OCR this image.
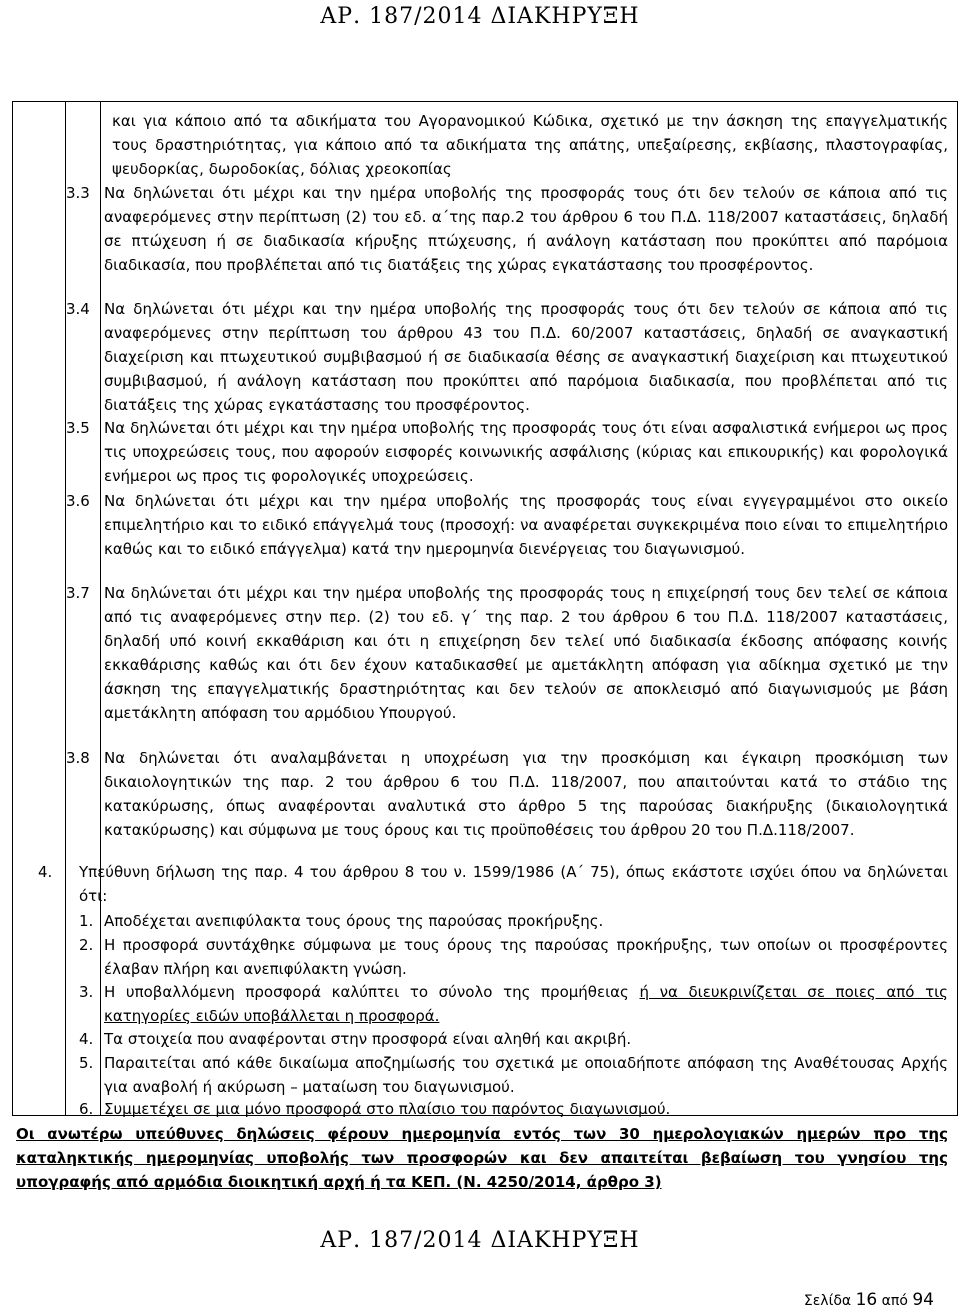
ΑΡ. 187/2014 ΔΙΑΚΗΡΥΞΗ
και για κάποιο από τα αδικήματα του Αγορανομικού Κώδικα, σχετικό με την άσκηση της επαγγελματικής τους δραστηριότητας, για κάποιο από τα αδικήματα της απάτης, υπεξαίρεσης, εκβίασης, πλαστογραφίας, ψευδορκίας, δωροδοκίας, δόλιας χρεοκοπίας
3.3 Να δηλώνεται ότι μέχρι και την ημέρα υποβολής της προσφοράς τους ότι δεν τελούν σε κάποια από τις αναφερόμενες στην περίπτωση (2) του εδ. α΄της παρ.2 του άρθρου 6 του Π.Δ. 118/2007 καταστάσεις, δηλαδή σε πτώχευση ή σε διαδικασία κήρυξης πτώχευσης, ή ανάλογη κατάσταση που προκύπτει από παρόμοια διαδικασία, που προβλέπεται από τις διατάξεις της χώρας εγκατάστασης του προσφέροντος.
3.4 Να δηλώνεται ότι μέχρι και την ημέρα υποβολής της προσφοράς τους ότι δεν τελούν σε κάποια από τις αναφερόμενες στην περίπτωση του άρθρου 43 του Π.Δ. 60/2007 καταστάσεις, δηλαδή σε αναγκαστική διαχείριση και πτωχευτικού συμβιβασμού ή σε διαδικασία θέσης σε αναγκαστική διαχείριση και πτωχευτικού συμβιβασμού, ή ανάλογη κατάσταση που προκύπτει από παρόμοια διαδικασία, που προβλέπεται από τις διατάξεις της χώρας εγκατάστασης του προσφέροντος.
3.5 Να δηλώνεται ότι μέχρι και την ημέρα υποβολής της προσφοράς τους ότι είναι ασφαλιστικά ενήμεροι ως προς τις υποχρεώσεις τους, που αφορούν εισφορές κοινωνικής ασφάλισης (κύριας και επικουρικής) και φορολογικά ενήμεροι ως προς τις φορολογικές υποχρεώσεις.
3.6 Να δηλώνεται ότι μέχρι και την ημέρα υποβολής της προσφοράς τους είναι εγγεγραμμένοι στο οικείο επιμελητήριο και το ειδικό επάγγελμά τους (προσοχή: να αναφέρεται συγκεκριμένα ποιο είναι το επιμελητήριο καθώς και το ειδικό επάγγελμα) κατά την ημερομηνία διενέργειας του διαγωνισμού.
3.7 Να δηλώνεται ότι μέχρι και την ημέρα υποβολής της προσφοράς τους η επιχείρησή τους δεν τελεί σε κάποια από τις αναφερόμενες στην περ. (2) του εδ. γ΄ της παρ. 2 του άρθρου 6 του Π.Δ. 118/2007 καταστάσεις, δηλαδή υπό κοινή εκκαθάριση και ότι η επιχείρηση δεν τελεί υπό διαδικασία έκδοσης απόφασης κοινής εκκαθάρισης καθώς και ότι δεν έχουν καταδικασθεί με αμετάκλητη απόφαση για αδίκημα σχετικό με την άσκηση της επαγγελματικής δραστηριότητας και δεν τελούν σε αποκλεισμό από διαγωνισμούς με βάση αμετάκλητη απόφαση του αρμόδιου Υπουργού.
3.8 Να δηλώνεται ότι αναλαμβάνεται η υποχρέωση για την προσκόμιση και έγκαιρη προσκόμιση των δικαιολογητικών της παρ. 2 του άρθρου 6 του Π.Δ. 118/2007, που απαιτούνται κατά το στάδιο της κατακύρωσης, όπως αναφέρονται αναλυτικά στο άρθρο 5 της παρούσας διακήρυξης (δικαιολογητικά κατακύρωσης) και σύμφωνα με τους όρους και τις προϋποθέσεις του άρθρου 20 του Π.Δ.118/2007.
4. Υπεύθυνη δήλωση της παρ. 4 του άρθρου 8 του ν. 1599/1986 (Α΄ 75), όπως εκάστοτε ισχύει όπου να δηλώνεται ότι:
1. Αποδέχεται ανεπιφύλακτα τους όρους της παρούσας προκήρυξης.
2. Η προσφορά συντάχθηκε σύμφωνα με τους όρους της παρούσας προκήρυξης, των οποίων οι προσφέροντες έλαβαν πλήρη και ανεπιφύλακτη γνώση.
3. Η υποβαλλόμενη προσφορά καλύπτει το σύνολο της προμήθειας ή να διευκρινίζεται σε ποιες από τις κατηγορίες ειδών υποβάλλεται η προσφορά.
4. Τα στοιχεία που αναφέρονται στην προσφορά είναι αληθή και ακριβή.
5. Παραιτείται από κάθε δικαίωμα αποζημίωσής του σχετικά με οποιαδήποτε απόφαση της Αναθέτουσας Αρχής για αναβολή ή ακύρωση – ματαίωση του διαγωνισμού.
6. Συμμετέχει σε μια μόνο προσφορά στο πλαίσιο του παρόντος διαγωνισμού.
Οι ανωτέρω υπεύθυνες δηλώσεις φέρουν ημερομηνία εντός των 30 ημερολογιακών ημερών προ της καταληκτικής ημερομηνίας υποβολής των προσφορών και δεν απαιτείται βεβαίωση του γνησίου της υπογραφής από αρμόδια διοικητική αρχή ή τα ΚΕΠ. (Ν. 4250/2014, άρθρο 3)
ΑΡ. 187/2014 ΔΙΑΚΗΡΥΞΗ
Σελίδα 16 από 94
